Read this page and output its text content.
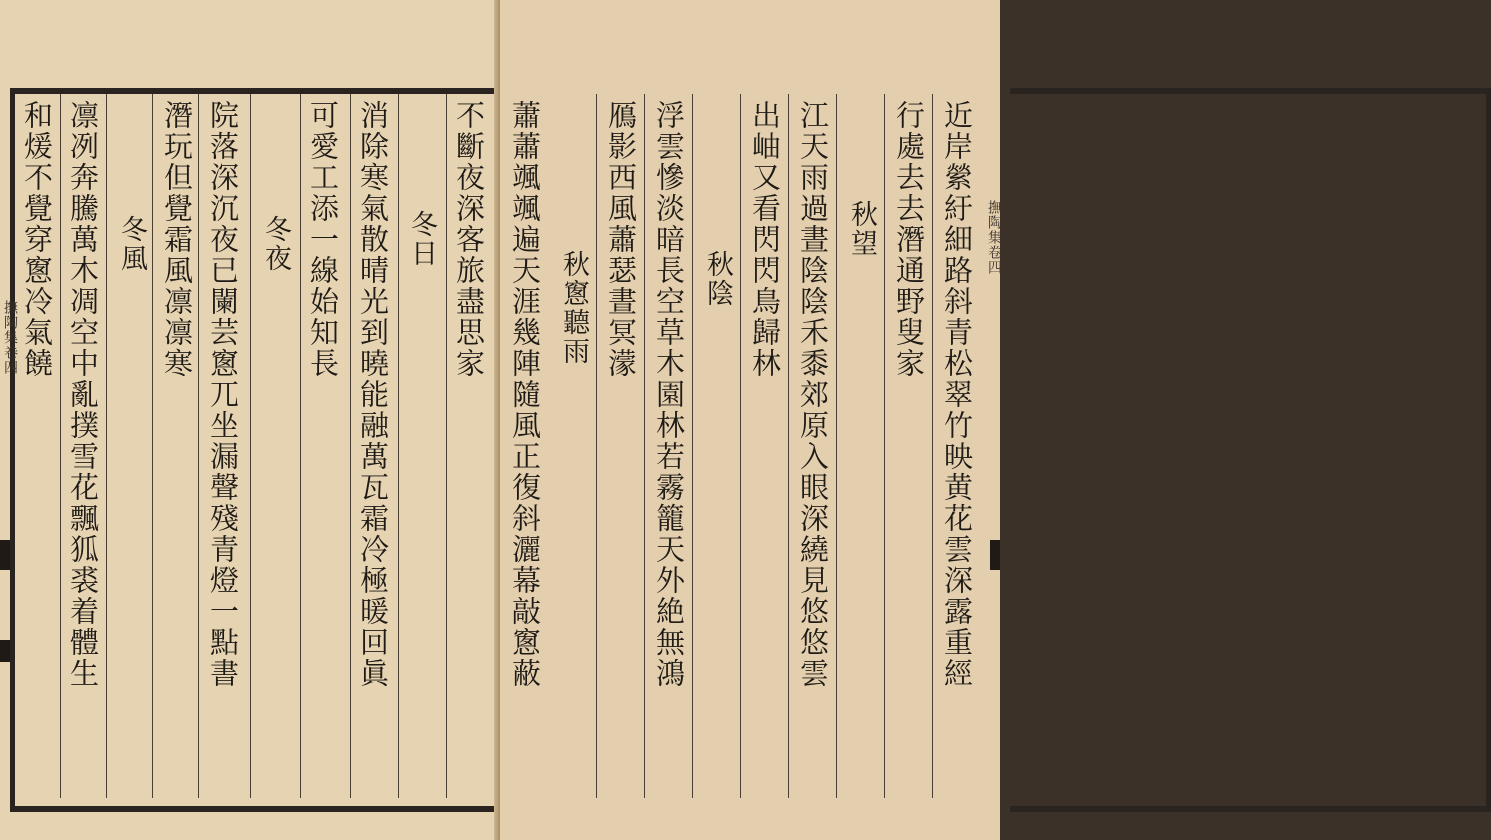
不斷夜深客旅盡思家
冬日
消除寒氣散晴光到曉能融萬瓦霜冷極暖回眞
可愛工添一線始知長
冬夜
院落深沉夜已闌芸窻兀坐漏聲殘青燈一點書
潛玩但覺霜風凛凛寒
冬風
凛冽奔騰萬木凋空中亂撲雪花飄狐裘着體生
和煖不覺穿窻冷氣饒
撫陶集卷四	近岸縈紆細路斜青松翠竹映黄花雲深露重經
行處去去潛通野叟家
秋望
江天雨過晝陰陰禾黍郊原入眼深繞見悠悠雲
出岫又看閃閃鳥歸林
秋陰
浮雲慘淡暗長空草木園林若霧籠天外絶無鴻
鴈影西風蕭瑟晝冥濛
秋窻聽雨
蕭蕭颯颯遍天涯幾陣隨風正復斜灑幕敲窻蔽	撫陶集卷四
